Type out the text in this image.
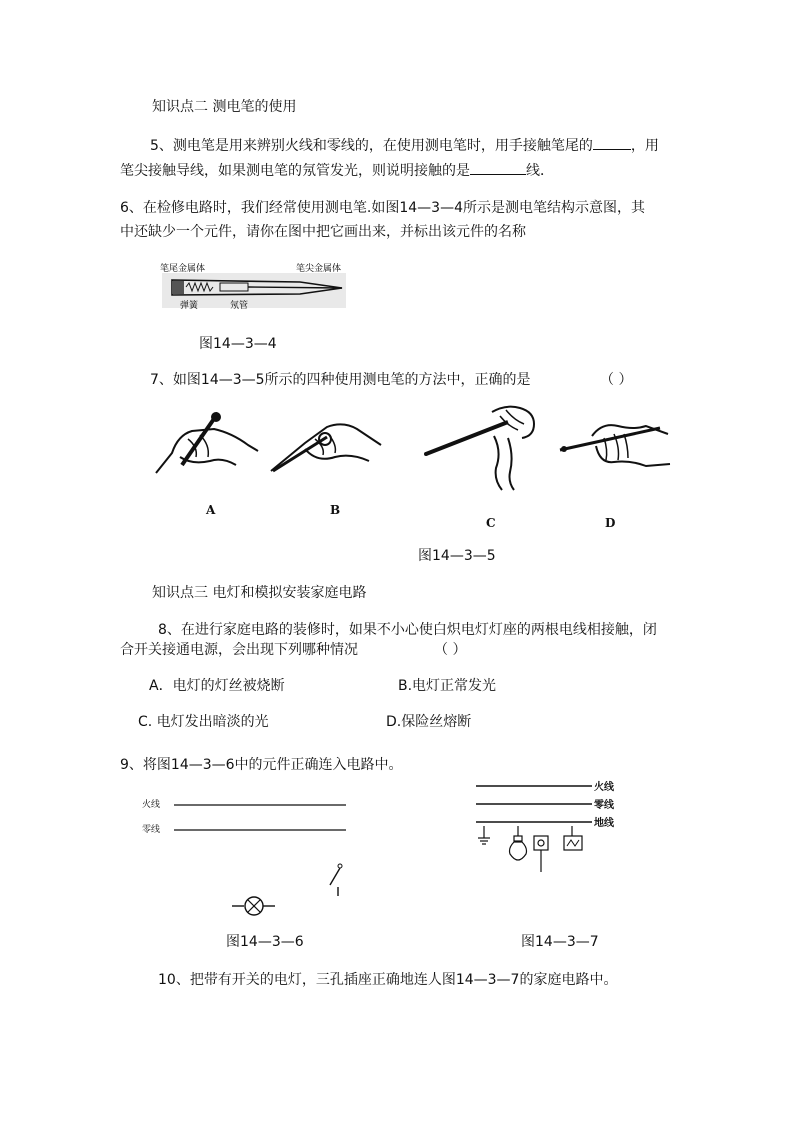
知识点二 测电笔的使用
5、测电笔是用来辨别火线和零线的，在使用测电笔时，用手接触笔尾的	，用
笔尖接触导线，如果测电笔的氖管发光，则说明接触的是	线．
6、在检修电路时，我们经常使用测电笔.如图14—3—4所示是测电笔结构示意图，其
中还缺少一个元件，请你在图中把它画出来，并标出该元件的名称
笔尾金属体	笔尖金属体
弹簧	氖管
图14—3—4
7、如图14—3—5所示的四种使用测电笔的方法中，正确的是	（ ）
A	B
C	D
图14—3—5
知识点三 电灯和模拟安装家庭电路
8、在进行家庭电路的装修时，如果不小心使白炽电灯灯座的两根电线相接触，闭
合开关接通电源，会出现下列哪种情况	（ ）
A．电灯的灯丝被烧断	B.电灯正常发光
C. 电灯发出暗淡的光	D.保险丝熔断
9、将图14—3—6中的元件正确连入电路中。
火线
零线
图14—3—6
火线
零线
地线
图14—3—7
10、把带有开关的电灯，三孔插座正确地连人图14—3—7的家庭电路中。
